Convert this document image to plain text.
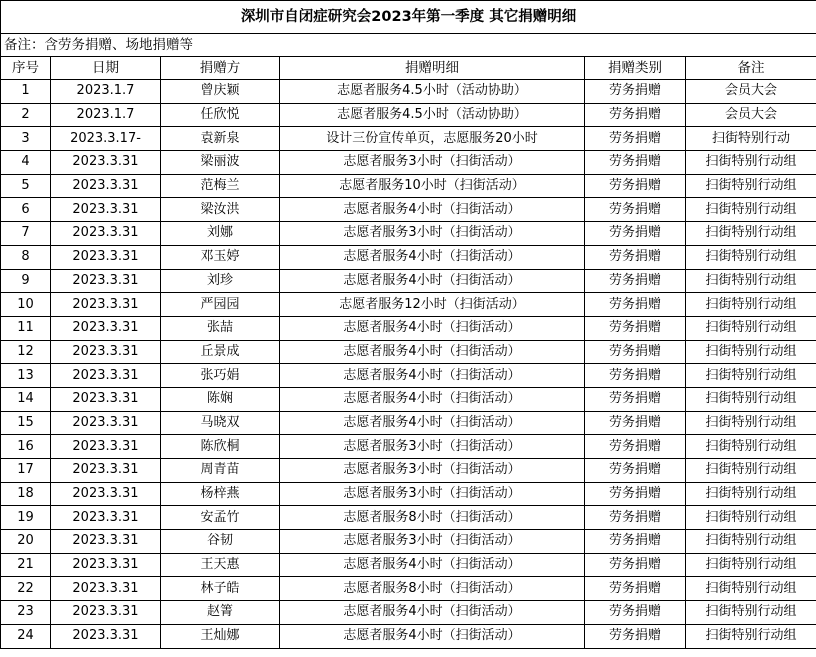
深圳市自闭症研究会2023年第一季度 其它捐赠明细					
备注：含劳务捐赠、场地捐赠等					
序号	日期	捐赠方	捐赠明细	捐赠类别	备注
1	2023.1.7	曾庆颖	志愿者服务4.5小时（活动协助）	劳务捐赠	会员大会
2	2023.1.7	任欣悦	志愿者服务4.5小时（活动协助）	劳务捐赠	会员大会
3	2023.3.17-	袁新泉	设计三份宣传单页，志愿服务20小时	劳务捐赠	扫街特别行动
4	2023.3.31	梁丽波	志愿者服务3小时（扫街活动）	劳务捐赠	扫街特别行动组
5	2023.3.31	范梅兰	志愿者服务10小时（扫街活动）	劳务捐赠	扫街特别行动组
6	2023.3.31	梁汝洪	志愿者服务4小时（扫街活动）	劳务捐赠	扫街特别行动组
7	2023.3.31	刘娜	志愿者服务3小时（扫街活动）	劳务捐赠	扫街特别行动组
8	2023.3.31	邓玉婷	志愿者服务4小时（扫街活动）	劳务捐赠	扫街特别行动组
9	2023.3.31	刘珍	志愿者服务4小时（扫街活动）	劳务捐赠	扫街特别行动组
10	2023.3.31	严园园	志愿者服务12小时（扫街活动）	劳务捐赠	扫街特别行动组
11	2023.3.31	张喆	志愿者服务4小时（扫街活动）	劳务捐赠	扫街特别行动组
12	2023.3.31	丘景成	志愿者服务4小时（扫街活动）	劳务捐赠	扫街特别行动组
13	2023.3.31	张巧娟	志愿者服务4小时（扫街活动）	劳务捐赠	扫街特别行动组
14	2023.3.31	陈娴	志愿者服务4小时（扫街活动）	劳务捐赠	扫街特别行动组
15	2023.3.31	马晓双	志愿者服务4小时（扫街活动）	劳务捐赠	扫街特别行动组
16	2023.3.31	陈欣桐	志愿者服务3小时（扫街活动）	劳务捐赠	扫街特别行动组
17	2023.3.31	周青苗	志愿者服务3小时（扫街活动）	劳务捐赠	扫街特别行动组
18	2023.3.31	杨梓燕	志愿者服务3小时（扫街活动）	劳务捐赠	扫街特别行动组
19	2023.3.31	安孟竹	志愿者服务8小时（扫街活动）	劳务捐赠	扫街特别行动组
20	2023.3.31	谷韧	志愿者服务3小时（扫街活动）	劳务捐赠	扫街特别行动组
21	2023.3.31	王天惠	志愿者服务4小时（扫街活动）	劳务捐赠	扫街特别行动组
22	2023.3.31	林子皓	志愿者服务8小时（扫街活动）	劳务捐赠	扫街特别行动组
23	2023.3.31	赵箐	志愿者服务4小时（扫街活动）	劳务捐赠	扫街特别行动组
24	2023.3.31	王灿娜	志愿者服务4小时（扫街活动）	劳务捐赠	扫街特别行动组
